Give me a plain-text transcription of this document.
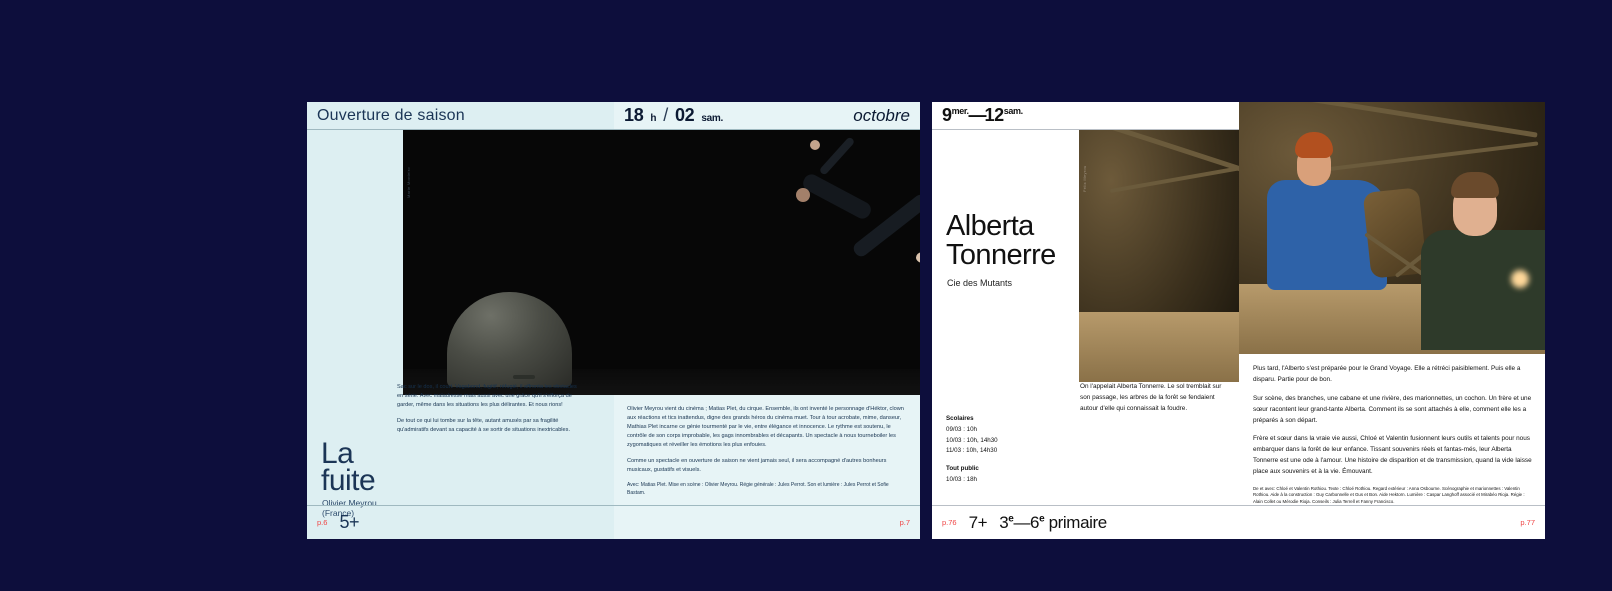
Ouverture de saison
Marie Monteiro
La
fuite
Olivier Meyrou
(France)
p.6 5+
18 h / 02 sam.	octobre

Olivier Meyrou vient du cinéma ; Matias Plet, du cirque. Ensemble, ils ont inventé le personnage d'Héktor, clown aux réactions et tics inattendus, digne des grands héros du cinéma muet. Tour à tour acrobate, mime, danseur, Mathias Plet incarne ce génie tourmenté par le vie, entre élégance et innocence. Le rythme est soutenu, le contrôle de son corps improbable, les gags innombrables et décapants. Un spectacle à nous tourneboiler les zygomatiques et réveiller les émotions les plus enfouies.

Comme un spectacle en ouverture de saison ne vient jamais seul, il sera accompagné d'autres bonheurs musicaux, gustatifs et visuels.

Avec: Matias Plet. Mise en scène : Olivier Meyrou. Régie générale : Jules Perrot. Son et lumière : Jules Perrot et Sofie Bastam.

p.7

Sac sur le dos, il court. Vagabond, fugitif, réfugié, il affronta les obstacles en série. Avec maladresse mais aussi avec une grâce qu'il s'efforça de garder, même dans les situations les plus délirantes. Et nous rions!

De tout ce qui lui tombe sur la tête, autant amusés par sa fragilité qu'admiratifs devant sa capacité à se sortir de situations inextricables.

$9^{mer.}—12^{sam.}$
Félix Meyrou
Alberta
Tonnerre
Cie des Mutants
On l'appelait Alberta Tonnerre. Le sol tremblait sur son passage, les arbres de la forêt se fendaient autour d'elle qui connaissait la foudre.
Scolaires
09/03 : 10h
10/03 : 10h, 14h30
11/03 : 10h, 14h30
Tout public
10/03 : 18h
p.76 $7+ 3^e—6^e$ primaire

Plus tard, l'Alberto s'est préparée pour le Grand Voyage. Elle a rétréci paisiblement. Puis elle a disparu. Partie pour de bon.

Sur scène, des branches, une cabane et une rivière, des marionnettes, un cochon. Un frère et une sœur racontent leur grand-tante Alberta. Comment ils se sont attachés à elle, comment elle les a préparés à son départ.

Frère et sœur dans la vraie vie aussi, Chloé et Valentin fusionnent leurs outils et talents pour nous embarquer dans la forêt de leur enfance. Tissant souvenirs réels et fantas-més, leur Alberta Tonnerre est une ode à l'amour. Une histoire de disparition et de transmission, quand la vide laisse place aux souvenirs et à la vie. Émouvant.

De et avec: Chloé et Valentin Rothiou. Texte : Chloé Rothiou. Regard extérieur : Anna Osbourne. Scénographie et marionnettes : Valentin Rothiou. Aide à la construction : Guy Carbonnelle et Gus et Bon. Aide Hektorn. Lumière : Caspar Langhoff associé et Mirabéo Rioja. Régie : Alain Collet ou Mérodie Rioja. Conseils : Julia Terrell et Fanny Francisco.

p.77
